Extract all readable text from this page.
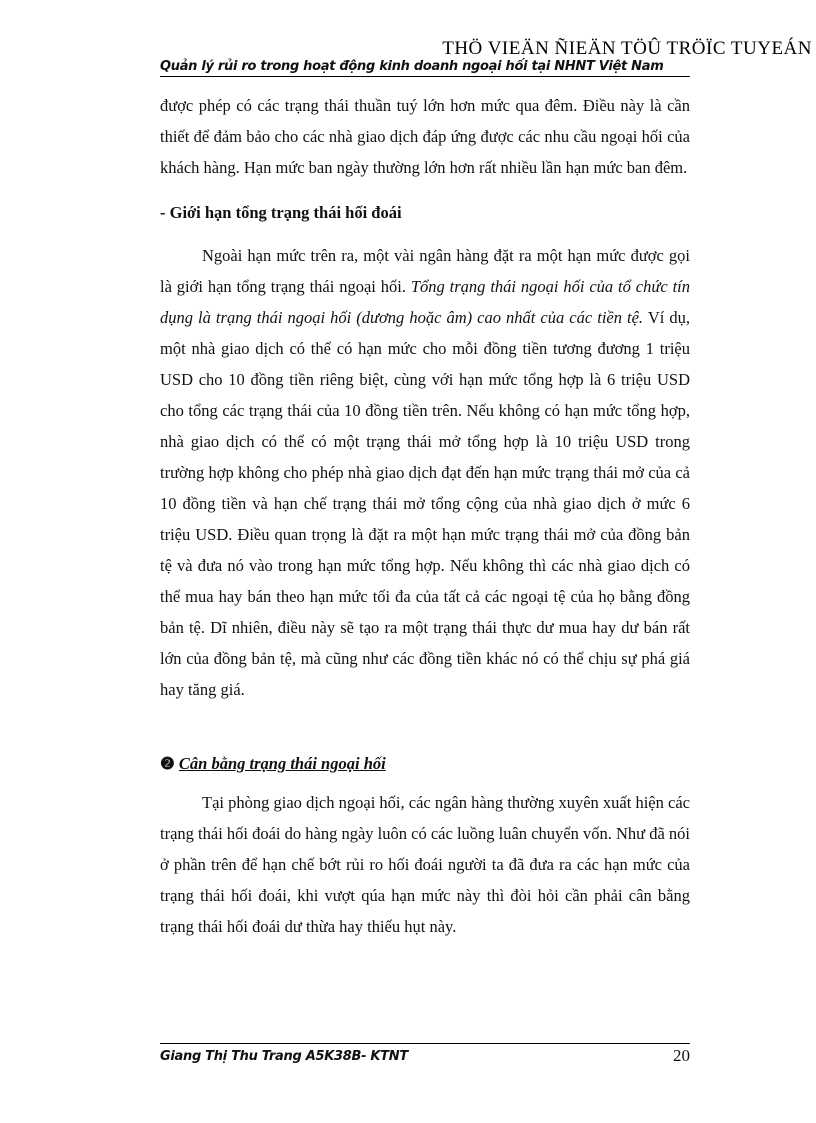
THÖ VIEÄN ÑIEÄN TÖÛ TRÖÏC TUYEÁN
Quản lý rủi ro trong hoạt động kinh doanh ngoại hối tại NHNT Việt Nam

được phép có các trạng thái thuần tuý lớn hơn mức qua đêm. Điều này là cần thiết để đảm bảo cho các nhà giao dịch đáp ứng được các nhu cầu ngoại hối của khách hàng. Hạn mức ban ngày thường lớn hơn rất nhiều lần hạn mức ban đêm.

- Giới hạn tổng trạng thái hối đoái

Ngoài hạn mức trên ra, một vài ngân hàng đặt ra một hạn mức được gọi là giới hạn tổng trạng thái ngoại hối. Tổng trạng thái ngoại hối của tổ chức tín dụng là trạng thái ngoại hối (dương hoặc âm) cao nhất của các tiền tệ. Ví dụ, một nhà giao dịch có thể có hạn mức cho mỗi đồng tiền tương đương 1 triệu USD cho 10 đồng tiền riêng biệt, cùng với hạn mức tổng hợp là 6 triệu USD cho tổng các trạng thái của 10 đồng tiền trên. Nếu không có hạn mức tổng hợp, nhà giao dịch có thể có một trạng thái mở tổng hợp là 10 triệu USD trong trường hợp không cho phép nhà giao dịch đạt đến hạn mức trạng thái mở của cả 10 đồng tiền và hạn chế trạng thái mở tổng cộng của nhà giao dịch ở mức 6 triệu USD. Điều quan trọng là đặt ra một hạn mức trạng thái mở của đồng bản tệ và đưa nó vào trong hạn mức tổng hợp. Nếu không thì các nhà giao dịch có thể mua hay bán theo hạn mức tối đa của tất cả các ngoại tệ của họ bằng đồng bản tệ. Dĩ nhiên, điều này sẽ tạo ra một trạng thái thực dư mua hay dư bán rất lớn của đồng bản tệ, mà cũng như các đồng tiền khác nó có thể chịu sự phá giá hay tăng giá.

❷ Cân bằng trạng thái ngoại hối

Tại phòng giao dịch ngoại hối, các ngân hàng thường xuyên xuất hiện các trạng thái hối đoái do hàng ngày luôn có các luồng luân chuyển vốn. Như đã nói ở phần trên để hạn chế bớt rủi ro hối đoái người ta đã đưa ra các hạn mức của trạng thái hối đoái, khi vượt qúa hạn mức này thì đòi hỏi cần phải cân bằng trạng thái hối đoái dư thừa hay thiếu hụt này.

Giang Thị Thu Trang A5K38B- KTNT	20
